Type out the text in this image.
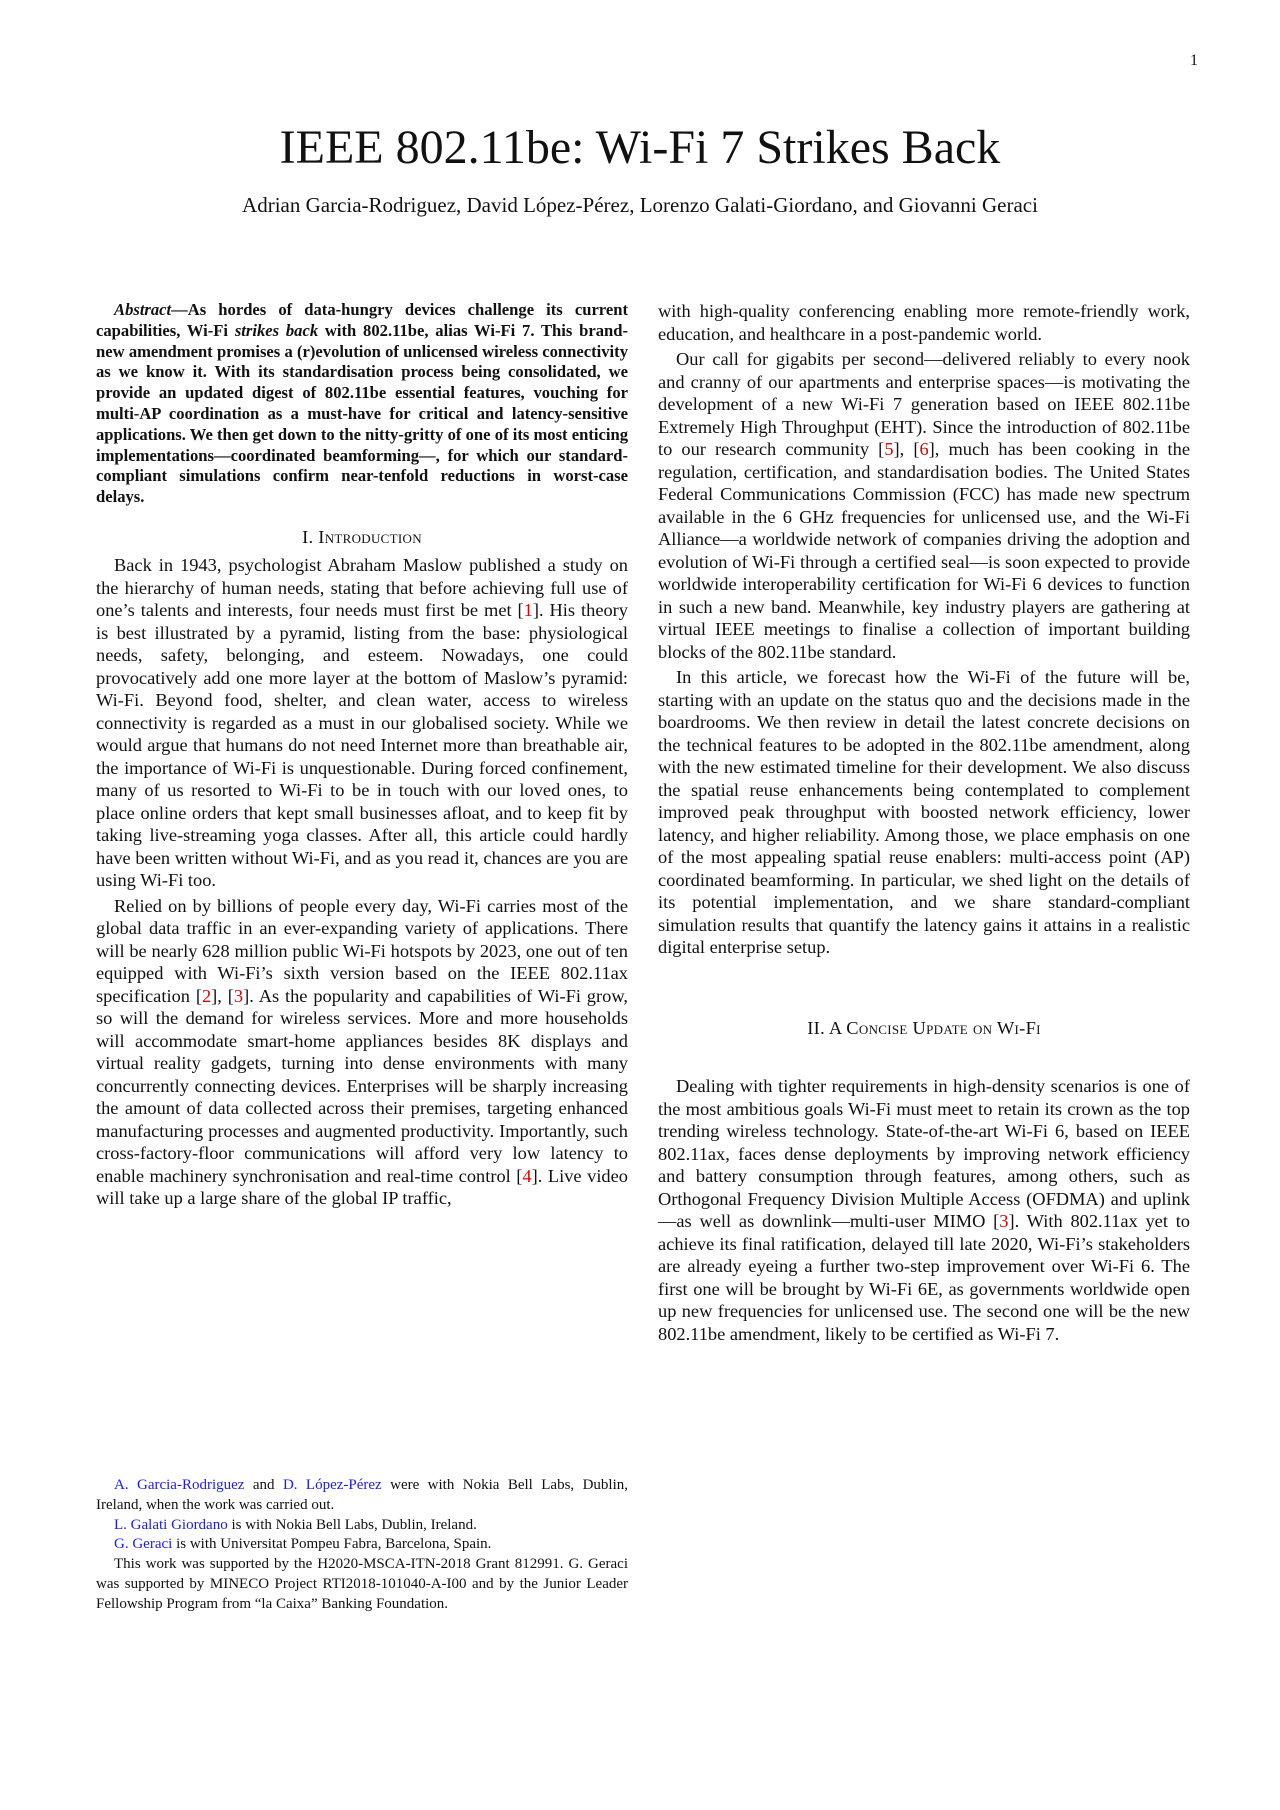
1
IEEE 802.11be: Wi-Fi 7 Strikes Back
Adrian Garcia-Rodriguez, David López-Pérez, Lorenzo Galati-Giordano, and Giovanni Geraci

Abstract—As hordes of data-hungry devices challenge its current capabilities, Wi-Fi strikes back with 802.11be, alias Wi-Fi 7. This brand-new amendment promises a (r)evolution of unlicensed wireless connectivity as we know it. With its standardisation process being consolidated, we provide an updated digest of 802.11be essential features, vouching for multi-AP coordination as a must-have for critical and latency-sensitive applications. We then get down to the nitty-gritty of one of its most enticing implementations—coordinated beamforming—, for which our standard-compliant simulations confirm near-tenfold reductions in worst-case delays.

I. Introduction

Back in 1943, psychologist Abraham Maslow published a study on the hierarchy of human needs, stating that before achieving full use of one’s talents and interests, four needs must first be met [1]. His theory is best illustrated by a pyramid, listing from the base: physiological needs, safety, belonging, and esteem. Nowadays, one could provocatively add one more layer at the bottom of Maslow’s pyramid: Wi-Fi. Beyond food, shelter, and clean water, access to wireless connectivity is regarded as a must in our globalised society. While we would argue that humans do not need Internet more than breathable air, the importance of Wi-Fi is unquestionable. During forced confinement, many of us resorted to Wi-Fi to be in touch with our loved ones, to place online orders that kept small businesses afloat, and to keep fit by taking live-streaming yoga classes. After all, this article could hardly have been written without Wi-Fi, and as you read it, chances are you are using Wi-Fi too.

Relied on by billions of people every day, Wi-Fi carries most of the global data traffic in an ever-expanding variety of applications. There will be nearly 628 million public Wi-Fi hotspots by 2023, one out of ten equipped with Wi-Fi’s sixth version based on the IEEE 802.11ax specification [2], [3]. As the popularity and capabilities of Wi-Fi grow, so will the demand for wireless services. More and more households will accommodate smart-home appliances besides 8K displays and virtual reality gadgets, turning into dense environments with many concurrently connecting devices. Enterprises will be sharply increasing the amount of data collected across their premises, targeting enhanced manufacturing processes and augmented productivity. Importantly, such cross-factory-floor communications will afford very low latency to enable machinery synchronisation and real-time control [4]. Live video will take up a large share of the global IP traffic,

A. Garcia-Rodriguez and D. López-Pérez were with Nokia Bell Labs, Dublin, Ireland, when the work was carried out.

L. Galati Giordano is with Nokia Bell Labs, Dublin, Ireland.

G. Geraci is with Universitat Pompeu Fabra, Barcelona, Spain.

This work was supported by the H2020-MSCA-ITN-2018 Grant 812991. G. Geraci was supported by MINECO Project RTI2018-101040-A-I00 and by the Junior Leader Fellowship Program from “la Caixa” Banking Foundation.

with high-quality conferencing enabling more remote-friendly work, education, and healthcare in a post-pandemic world.

Our call for gigabits per second—delivered reliably to every nook and cranny of our apartments and enterprise spaces—is motivating the development of a new Wi-Fi 7 generation based on IEEE 802.11be Extremely High Throughput (EHT). Since the introduction of 802.11be to our research community [5], [6], much has been cooking in the regulation, certification, and standardisation bodies. The United States Federal Communications Commission (FCC) has made new spectrum available in the 6 GHz frequencies for unlicensed use, and the Wi-Fi Alliance—a worldwide network of companies driving the adoption and evolution of Wi-Fi through a certified seal—is soon expected to provide worldwide interoperability certification for Wi-Fi 6 devices to function in such a new band. Meanwhile, key industry players are gathering at virtual IEEE meetings to finalise a collection of important building blocks of the 802.11be standard.

In this article, we forecast how the Wi-Fi of the future will be, starting with an update on the status quo and the decisions made in the boardrooms. We then review in detail the latest concrete decisions on the technical features to be adopted in the 802.11be amendment, along with the new estimated timeline for their development. We also discuss the spatial reuse enhancements being contemplated to complement improved peak throughput with boosted network efficiency, lower latency, and higher reliability. Among those, we place emphasis on one of the most appealing spatial reuse enablers: multi-access point (AP) coordinated beamforming. In particular, we shed light on the details of its potential implementation, and we share standard-compliant simulation results that quantify the latency gains it attains in a realistic digital enterprise setup.

II. A Concise Update on Wi-Fi

Dealing with tighter requirements in high-density scenarios is one of the most ambitious goals Wi-Fi must meet to retain its crown as the top trending wireless technology. State-of-the-art Wi-Fi 6, based on IEEE 802.11ax, faces dense deployments by improving network efficiency and battery consumption through features, among others, such as Orthogonal Frequency Division Multiple Access (OFDMA) and uplink—as well as downlink—multi-user MIMO [3]. With 802.11ax yet to achieve its final ratification, delayed till late 2020, Wi-Fi’s stakeholders are already eyeing a further two-step improvement over Wi-Fi 6. The first one will be brought by Wi-Fi 6E, as governments worldwide open up new frequencies for unlicensed use. The second one will be the new 802.11be amendment, likely to be certified as Wi-Fi 7.
